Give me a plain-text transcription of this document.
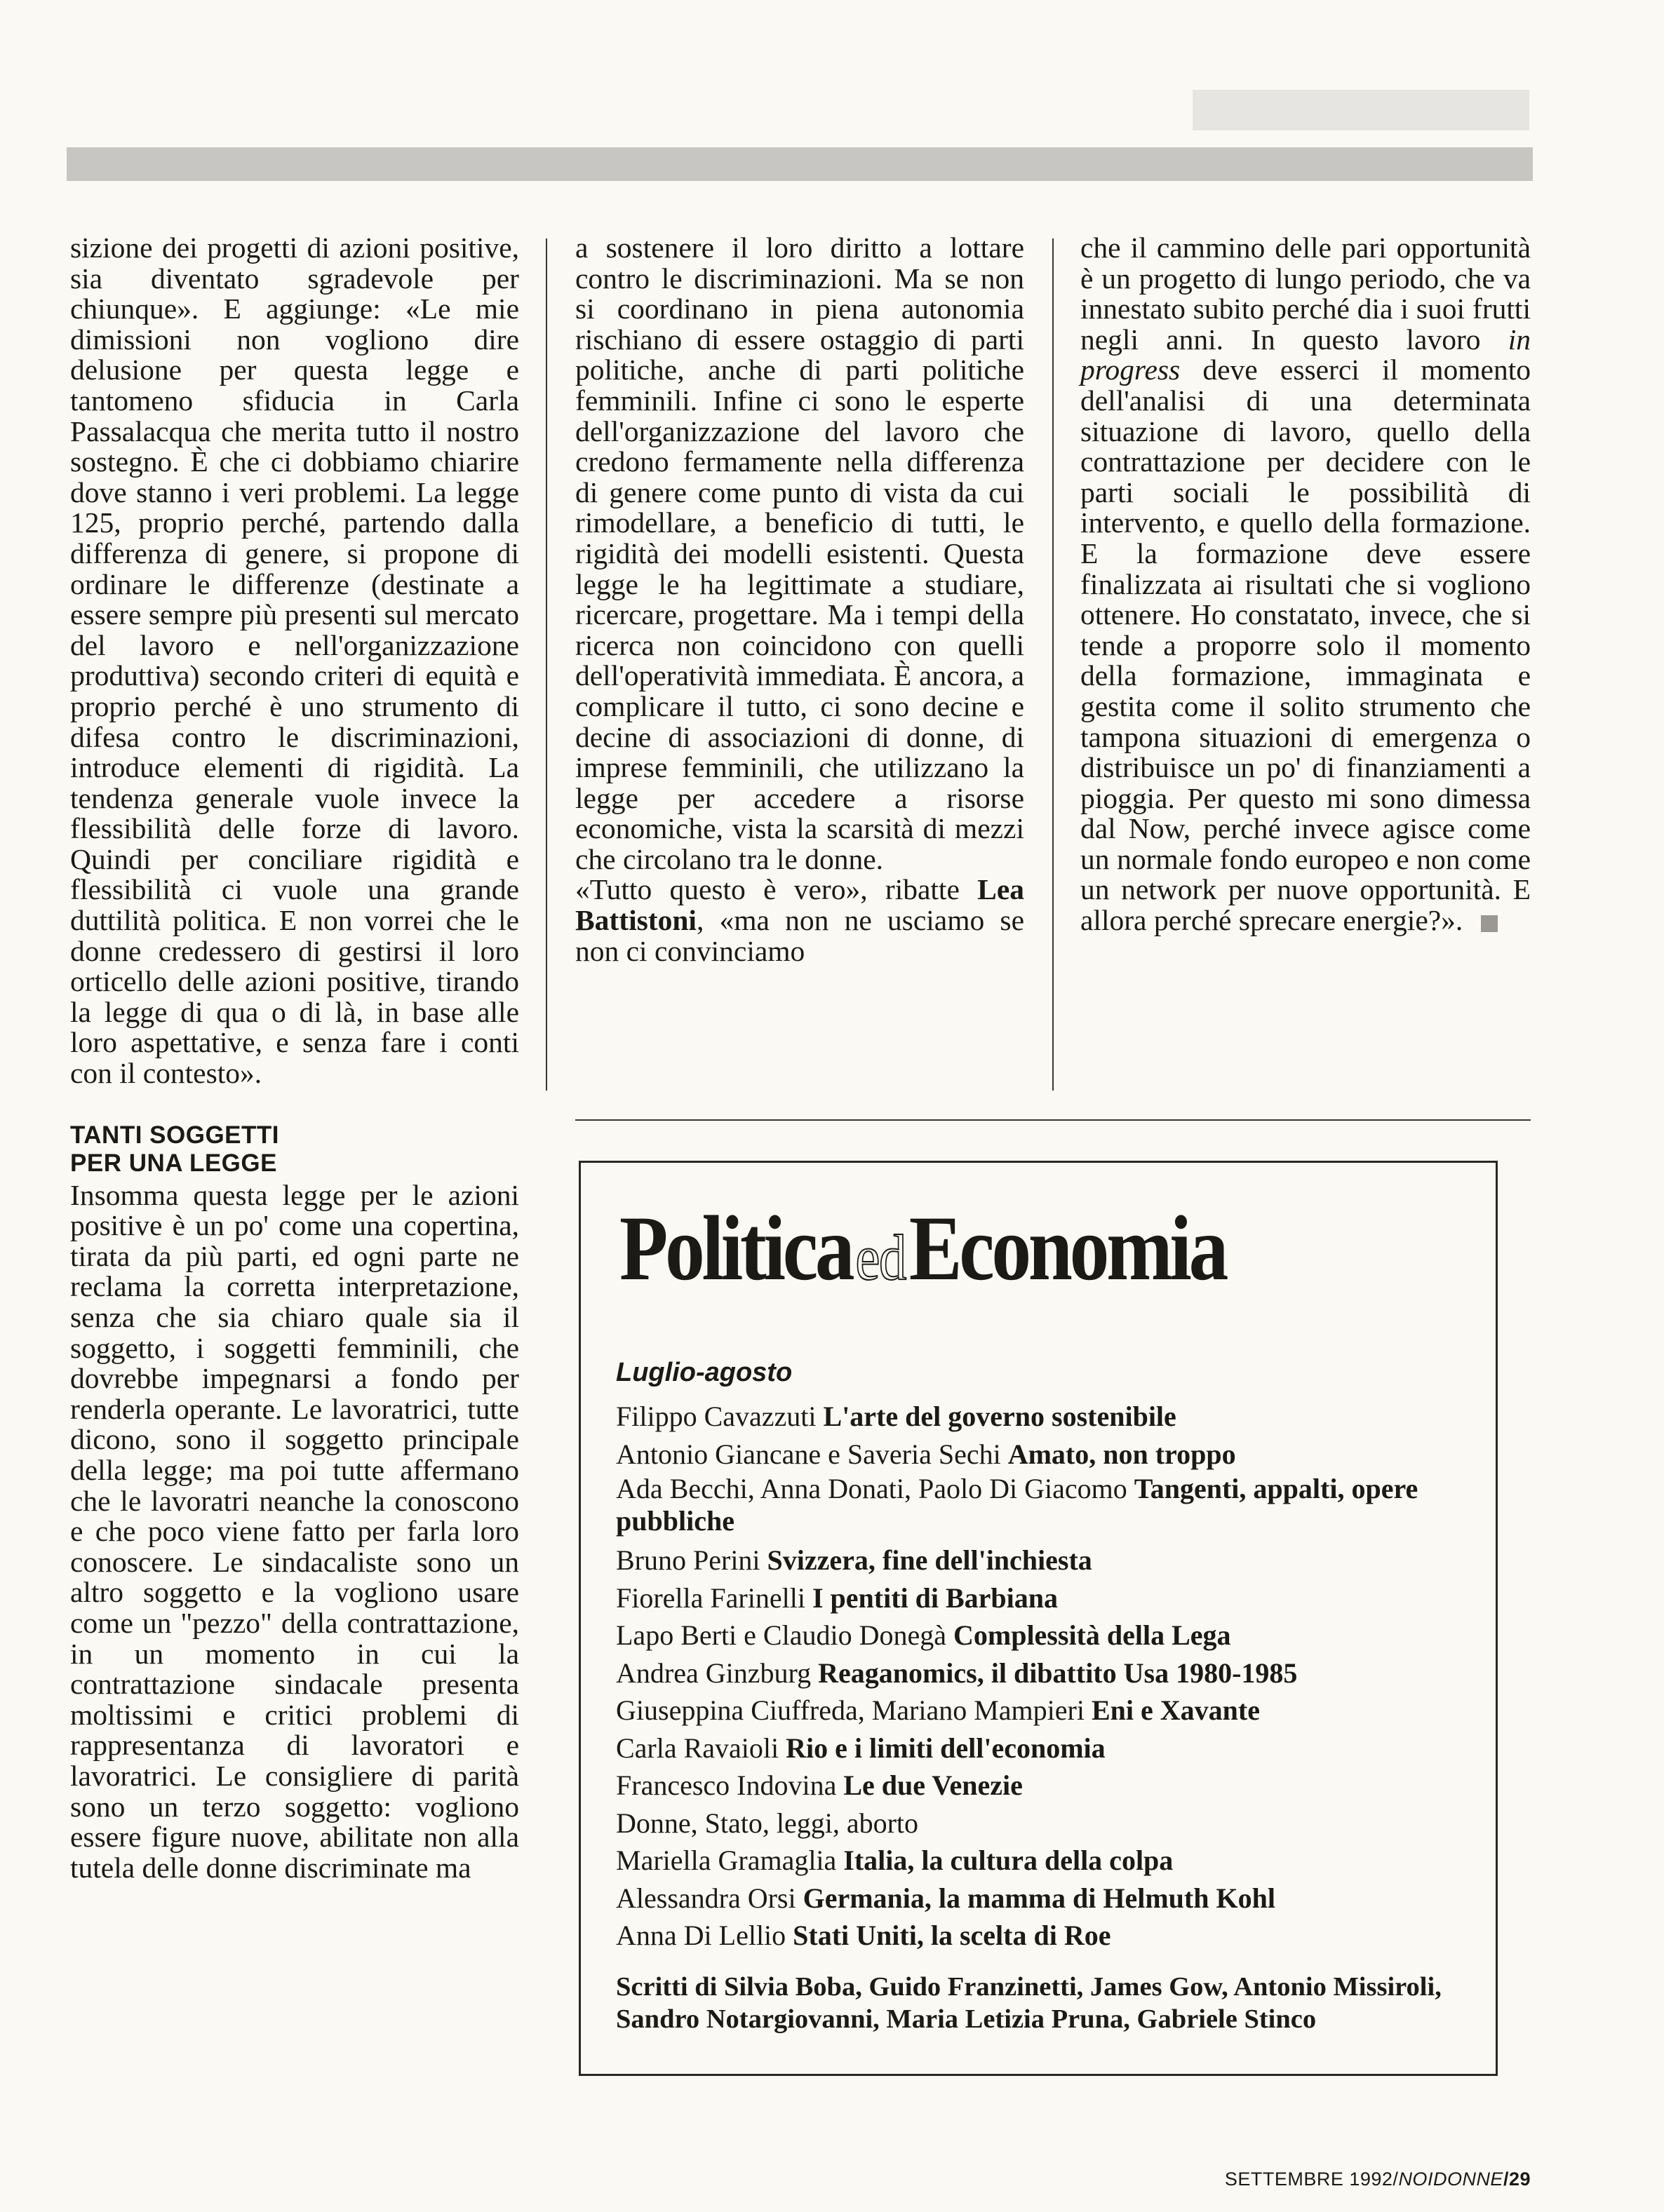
sizione dei progetti di azioni positive, sia diventato sgradevole per chiunque». E aggiunge: «Le mie dimissioni non vogliono dire delusione per questa legge e tantomeno sfiducia in Carla Passalacqua che merita tutto il nostro sostegno. È che ci dobbiamo chiarire dove stanno i veri problemi. La legge 125, proprio perché, partendo dalla differenza di genere, si propone di ordinare le differenze (destinate a essere sempre più presenti sul mercato del lavoro e nell'organizzazione produttiva) secondo criteri di equità e proprio perché è uno strumento di difesa contro le discriminazioni, introduce elementi di rigidità. La tendenza generale vuole invece la flessibilità delle forze di lavoro. Quindi per conciliare rigidità e flessibilità ci vuole una grande duttilità politica. E non vorrei che le donne credessero di gestirsi il loro orticello delle azioni positive, tirando la legge di qua o di là, in base alle loro aspettative, e senza fare i conti con il contesto».

TANTI SOGGETTI
PER UNA LEGGE

Insomma questa legge per le azioni positive è un po' come una copertina, tirata da più parti, ed ogni parte ne reclama la corretta interpretazione, senza che sia chiaro quale sia il soggetto, i soggetti femminili, che dovrebbe impegnarsi a fondo per renderla operante. Le lavoratrici, tutte dicono, sono il soggetto principale della legge; ma poi tutte affermano che le lavoratri neanche la conoscono e che poco viene fatto per farla loro conoscere. Le sindacaliste sono un altro soggetto e la vogliono usare come un "pezzo" della contrattazione, in un momento in cui la contrattazione sindacale presenta moltissimi e critici problemi di rappresentanza di lavoratori e lavoratrici. Le consigliere di parità sono un terzo soggetto: vogliono essere figure nuove, abilitate non alla tutela delle donne discriminate ma

a sostenere il loro diritto a lottare contro le discriminazioni. Ma se non si coordinano in piena autonomia rischiano di essere ostaggio di parti politiche, anche di parti politiche femminili. Infine ci sono le esperte dell'organizzazione del lavoro che credono fermamente nella differenza di genere come punto di vista da cui rimodellare, a beneficio di tutti, le rigidità dei modelli esistenti. Questa legge le ha legittimate a studiare, ricercare, progettare. Ma i tempi della ricerca non coincidono con quelli dell'operatività immediata. È ancora, a complicare il tutto, ci sono decine e decine di associazioni di donne, di imprese femminili, che utilizzano la legge per accedere a risorse economiche, vista la scarsità di mezzi che circolano tra le donne.

«Tutto questo è vero», ribatte Lea Battistoni, «ma non ne usciamo se non ci convinciamo

che il cammino delle pari opportunità è un progetto di lungo periodo, che va innestato subito perché dia i suoi frutti negli anni. In questo lavoro in progress deve esserci il momento dell'analisi di una determinata situazione di lavoro, quello della contrattazione per decidere con le parti sociali le possibilità di intervento, e quello della formazione. E la formazione deve essere finalizzata ai risultati che si vogliono ottenere. Ho constatato, invece, che si tende a proporre solo il momento della formazione, immaginata e gestita come il solito strumento che tampona situazioni di emergenza o distribuisce un po' di finanziamenti a pioggia. Per questo mi sono dimessa dal Now, perché invece agisce come un normale fondo europeo e non come un network per nuove opportunità. E allora perché sprecare energie?».

PoliticaedEconomia
Luglio-agosto
Filippo Cavazzuti L'arte del governo sostenibile
Antonio Giancane e Saveria Sechi Amato, non troppo
Ada Becchi, Anna Donati, Paolo Di Giacomo Tangenti, appalti, opere pubbliche
Bruno Perini Svizzera, fine dell'inchiesta
Fiorella Farinelli I pentiti di Barbiana
Lapo Berti e Claudio Donegà Complessità della Lega
Andrea Ginzburg Reaganomics, il dibattito Usa 1980-1985
Giuseppina Ciuffreda, Mariano Mampieri Eni e Xavante
Carla Ravaioli Rio e i limiti dell'economia
Francesco Indovina Le due Venezie
Donne, Stato, leggi, aborto
Mariella Gramaglia Italia, la cultura della colpa
Alessandra Orsi Germania, la mamma di Helmuth Kohl
Anna Di Lellio Stati Uniti, la scelta di Roe
Scritti di Silvia Boba, Guido Franzinetti, James Gow, Antonio Missiroli, Sandro Notargiovanni, Maria Letizia Pruna, Gabriele Stinco
SETTEMBRE 1992/NOIDONNE/29
